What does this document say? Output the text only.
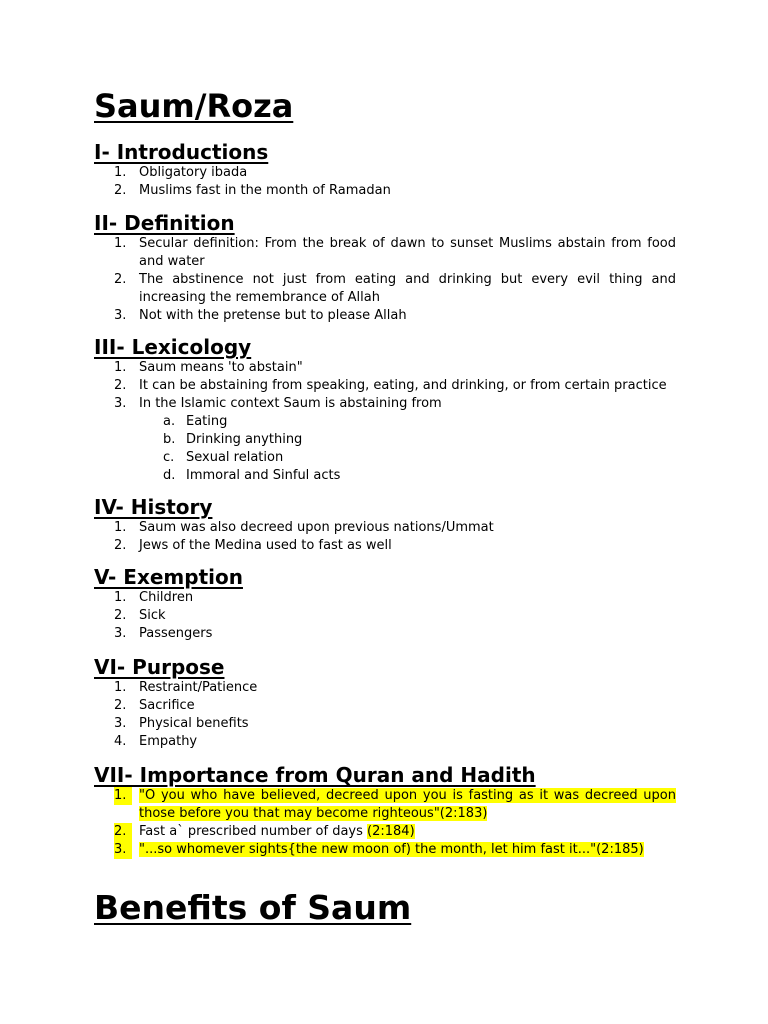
Saum/Roza
I- Introductions
1. Obligatory ibada
2. Muslims fast in the month of Ramadan
II- Definition
1. Secular definition: From the break of dawn to sunset Muslims abstain from food and water
2. The abstinence not just from eating and drinking but every evil thing and increasing the remembrance of Allah
3. Not with the pretense but to please Allah
III- Lexicology
1. Saum means 'to abstain"
2. It can be abstaining from speaking, eating, and drinking, or from certain practice
3. In the Islamic context Saum is abstaining from
a. Eating
b. Drinking anything
c. Sexual relation
d. Immoral and Sinful acts
IV- History
1. Saum was also decreed upon previous nations/Ummat
2. Jews of the Medina used to fast as well
V- Exemption
1. Children
2. Sick
3. Passengers
VI- Purpose
1. Restraint/Patience
2. Sacrifice
3. Physical benefits
4. Empathy
VII- Importance from Quran and Hadith
1. "O you who have believed, decreed upon you is fasting as it was decreed upon those before you that may become righteous"(2:183)
2. Fast a` prescribed number of days (2:184)
3. "...so whomever sights{the new moon of) the month, let him fast it..."(2:185)
Benefits of Saum
